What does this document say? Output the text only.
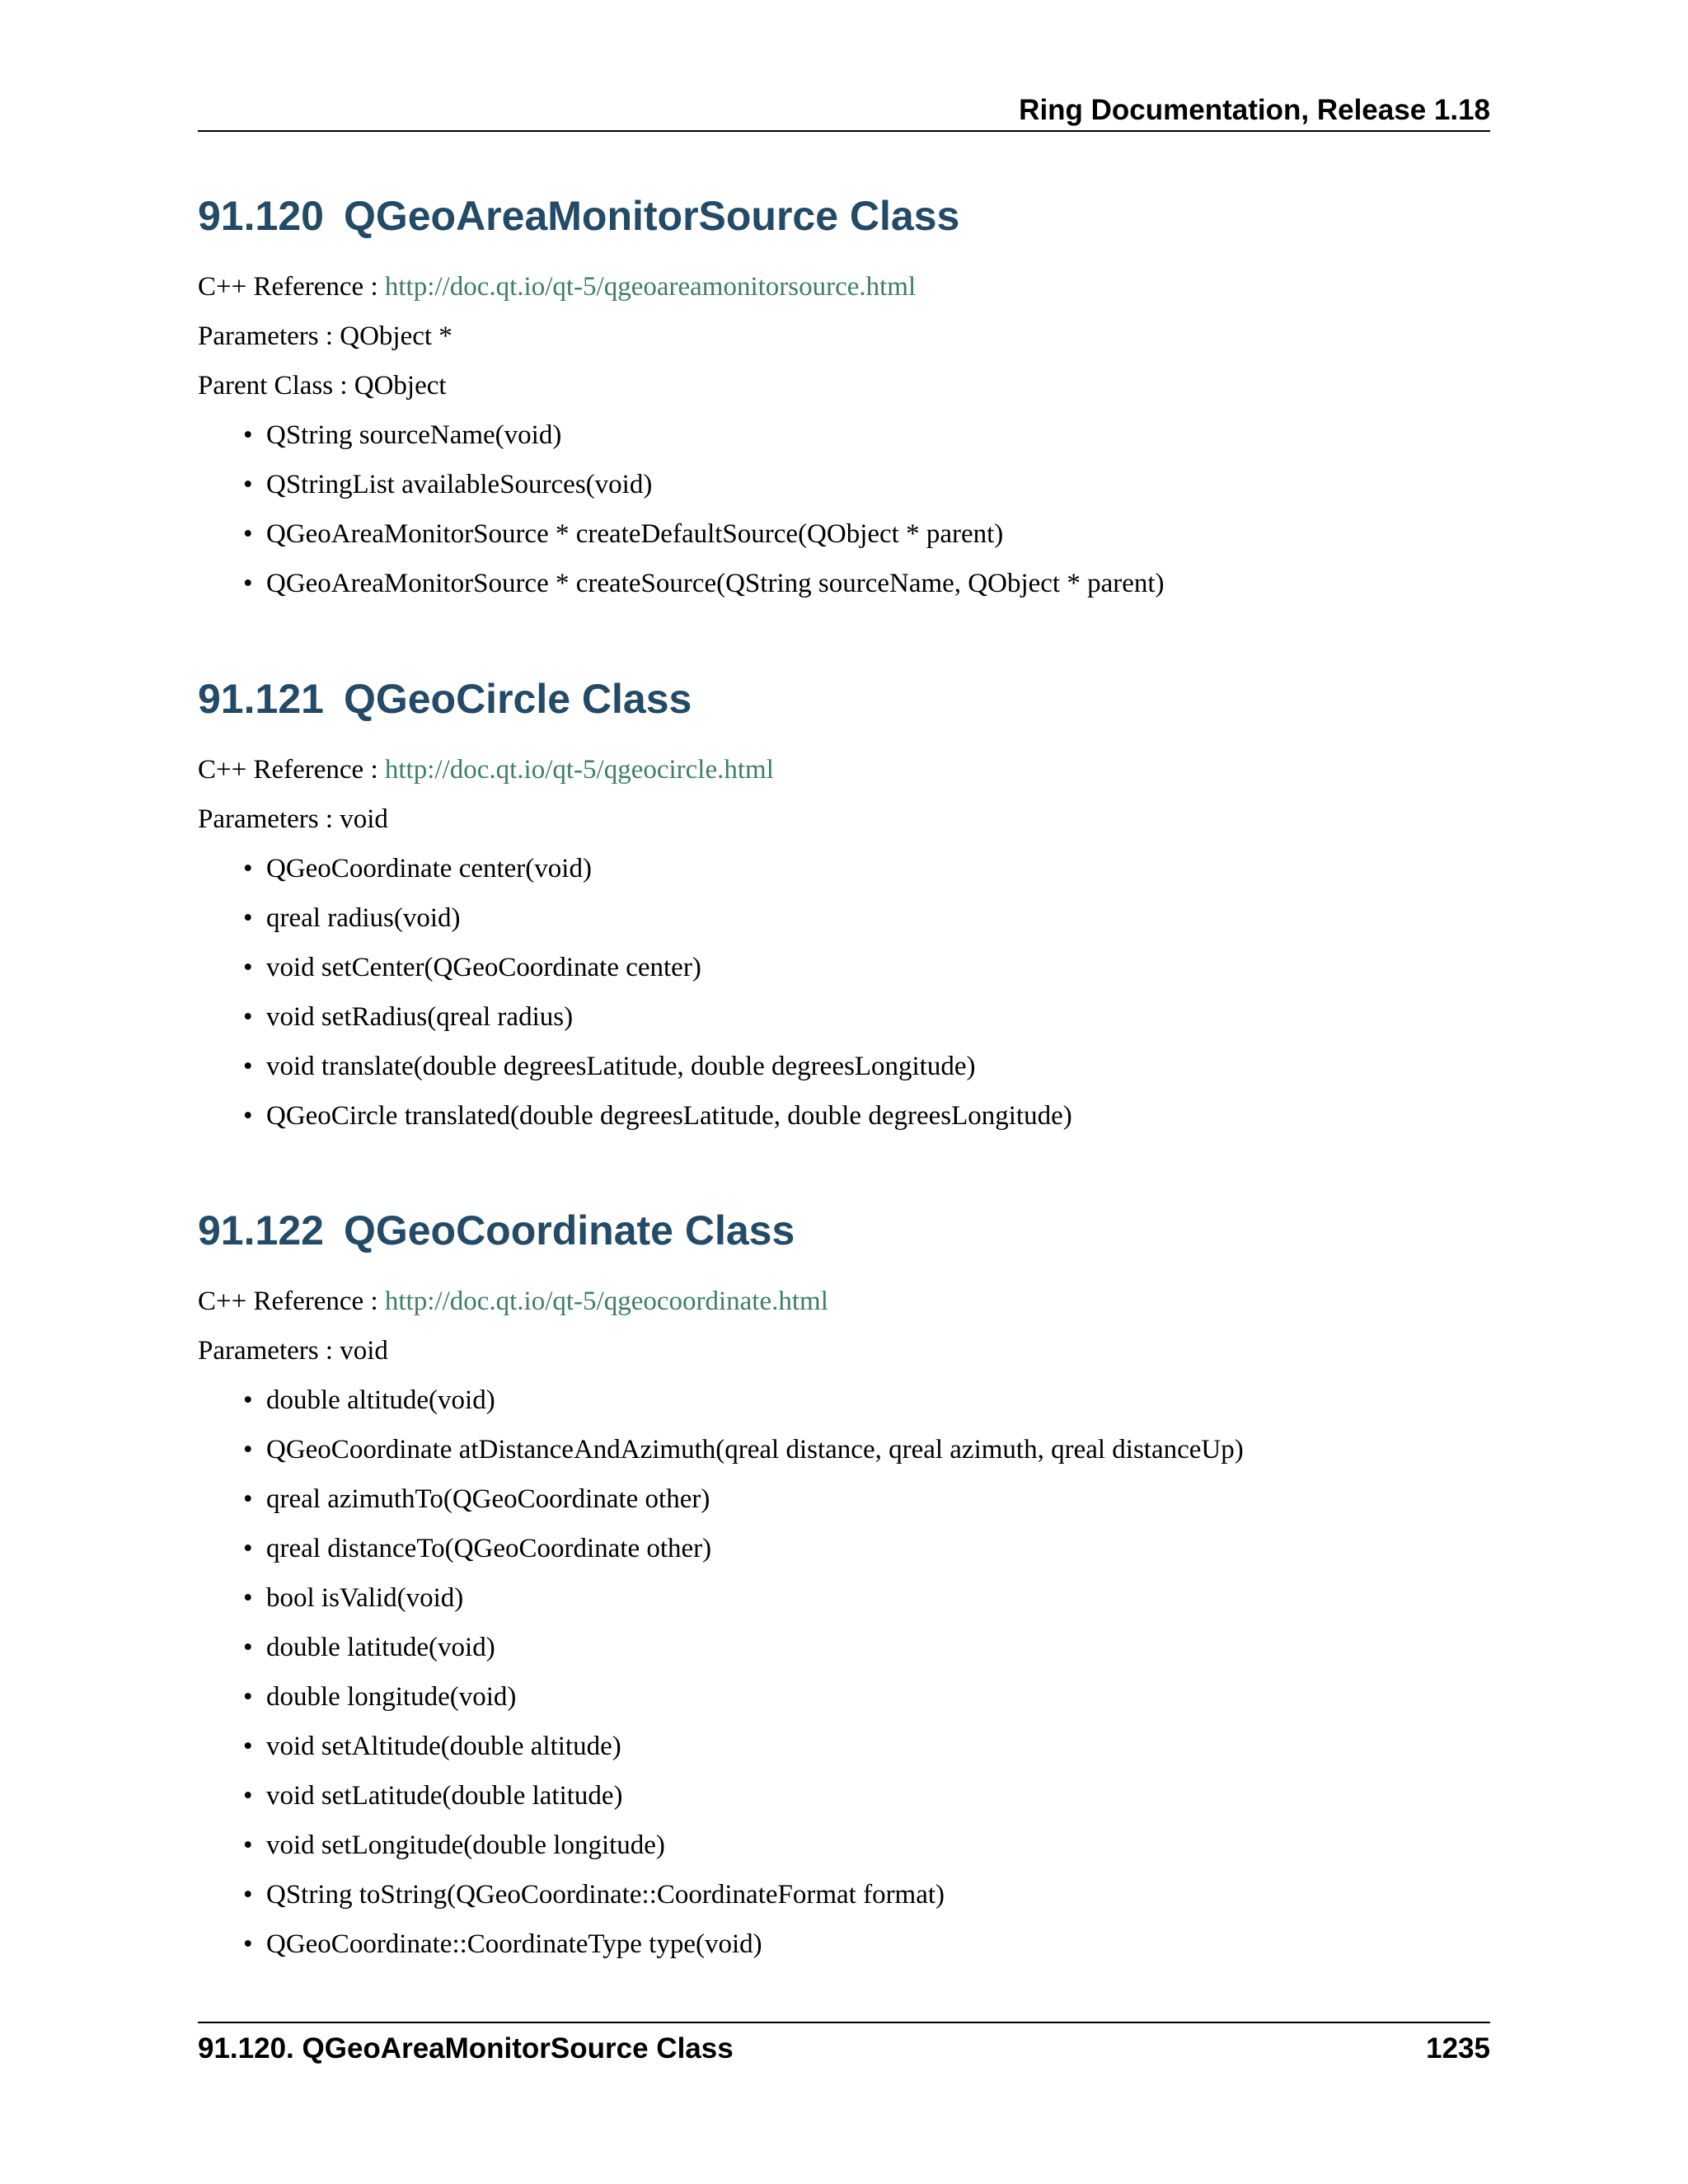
Ring Documentation, Release 1.18
91.120 QGeoAreaMonitorSource Class

C++ Reference : http://doc.qt.io/qt-5/qgeoareamonitorsource.html

Parameters : QObject *

Parent Class : QObject

• QString sourceName(void)
• QStringList availableSources(void)
• QGeoAreaMonitorSource * createDefaultSource(QObject * parent)
• QGeoAreaMonitorSource * createSource(QString sourceName, QObject * parent)
91.121 QGeoCircle Class

C++ Reference : http://doc.qt.io/qt-5/qgeocircle.html

Parameters : void

• QGeoCoordinate center(void)
• qreal radius(void)
• void setCenter(QGeoCoordinate center)
• void setRadius(qreal radius)
• void translate(double degreesLatitude, double degreesLongitude)
• QGeoCircle translated(double degreesLatitude, double degreesLongitude)
91.122 QGeoCoordinate Class

C++ Reference : http://doc.qt.io/qt-5/qgeocoordinate.html

Parameters : void

• double altitude(void)
• QGeoCoordinate atDistanceAndAzimuth(qreal distance, qreal azimuth, qreal distanceUp)
• qreal azimuthTo(QGeoCoordinate other)
• qreal distanceTo(QGeoCoordinate other)
• bool isValid(void)
• double latitude(void)
• double longitude(void)
• void setAltitude(double altitude)
• void setLatitude(double latitude)
• void setLongitude(double longitude)
• QString toString(QGeoCoordinate::CoordinateFormat format)
• QGeoCoordinate::CoordinateType type(void)
91.120. QGeoAreaMonitorSource Class	1235
